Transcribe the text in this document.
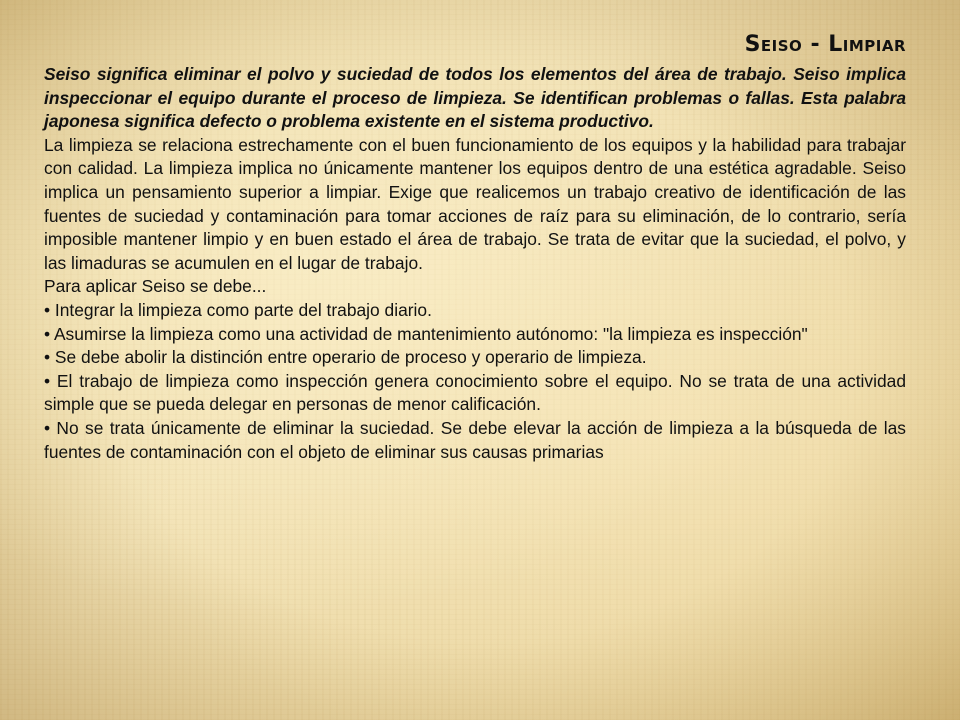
Seiso - Limpiar

Seiso significa eliminar el polvo y suciedad de todos los elementos del área de trabajo. Seiso implica inspeccionar el equipo durante el proceso de limpieza. Se identifican problemas o fallas. Esta palabra japonesa significa defecto o problema existente en el sistema productivo.

La limpieza se relaciona estrechamente con el buen funcionamiento de los equipos y la habilidad para trabajar con calidad. La limpieza implica no únicamente mantener los equipos dentro de una estética agradable. Seiso implica un pensamiento superior a limpiar. Exige que realicemos un trabajo creativo de identificación de las fuentes de suciedad y contaminación para tomar acciones de raíz para su eliminación, de lo contrario, sería imposible mantener limpio y en buen estado el área de trabajo. Se trata de evitar que la suciedad, el polvo, y las limaduras se acumulen en el lugar de trabajo.

Para aplicar Seiso se debe...

• Integrar la limpieza como parte del trabajo diario.

• Asumirse la limpieza como una actividad de mantenimiento autónomo: "la limpieza es inspección"

• Se debe abolir la distinción entre operario de proceso y operario de limpieza.

• El trabajo de limpieza como inspección genera conocimiento sobre el equipo. No se trata de una actividad simple que se pueda delegar en personas de menor calificación.

• No se trata únicamente de eliminar la suciedad. Se debe elevar la acción de limpieza a la búsqueda de las fuentes de contaminación con el objeto de eliminar sus causas primarias
